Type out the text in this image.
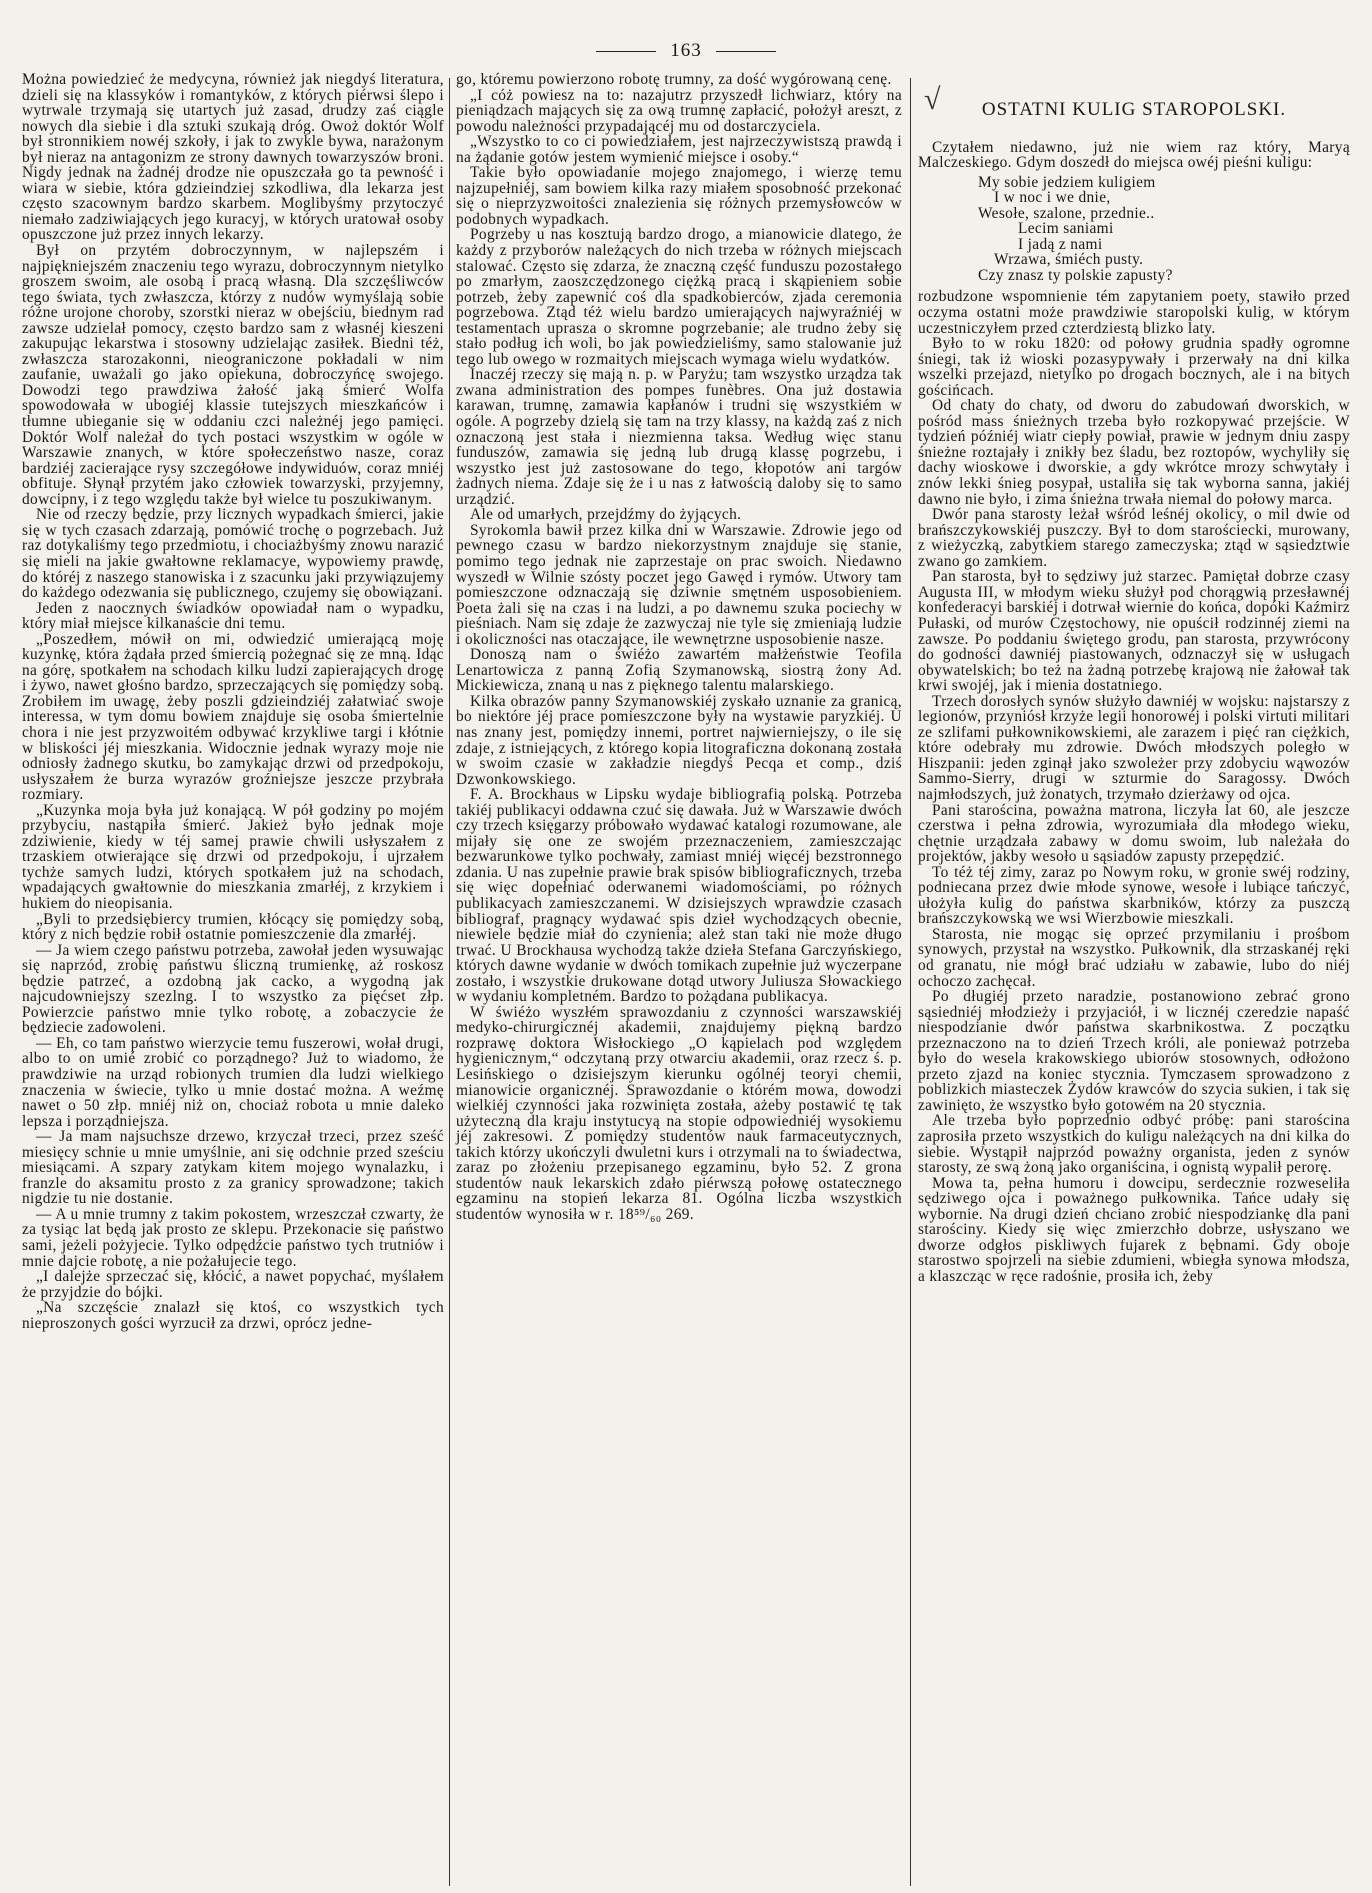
163

Można powiedzieć że medycyna, również jak niegdyś literatura, dzieli się na klassyków i romantyków, z których piérwsi ślepo i wytrwale trzymają się utartych już zasad, drudzy zaś ciągle nowych dla siebie i dla sztuki szukają dróg. Owoż doktór Wolf był stronnikiem nowéj szkoły, i jak to zwykle bywa, narażonym był nieraz na antagonizm ze strony dawnych towarzyszów broni. Nigdy jednak na żadnéj drodze nie opuszczała go ta pewność i wiara w siebie, która gdzieindziej szkodliwa, dla lekarza jest często szacownym bardzo skarbem. Moglibyśmy przytoczyć niemało zadziwiających jego kuracyj, w których uratował osoby opuszczone już przez innych lekarzy.

Był on przytém dobroczynnym, w najlepszém i najpiękniejszém znaczeniu tego wyrazu, dobroczynnym nietylko groszem swoim, ale osobą i pracą własną. Dla szczęśliwców tego świata, tych zwłaszcza, którzy z nudów wymyślają sobie różne urojone choroby, szorstki nieraz w obejściu, biednym rad zawsze udzielał pomocy, często bardzo sam z własnéj kieszeni zakupując lekarstwa i stosowny udzielając zasiłek. Biedni téż, zwłaszcza starozakonni, nieograniczone pokładali w nim zaufanie, uważali go jako opiekuna, dobroczyńcę swojego. Dowodzi tego prawdziwa żałość jaką śmierć Wolfa spowodowała w ubogiéj klassie tutejszych mieszkańców i tłumne ubieganie się w oddaniu czci należnéj jego pamięci. Doktór Wolf należał do tych postaci wszystkim w ogóle w Warszawie znanych, w które społeczeństwo nasze, coraz bardziéj zacierające rysy szczegółowe indywiduów, coraz mniéj obfituje. Słynął przytém jako człowiek towarzyski, przyjemny, dowcipny, i z tego względu także był wielce tu poszukiwanym.

Nie od rzeczy będzie, przy licznych wypadkach śmierci, jakie się w tych czasach zdarzają, pomówić trochę o pogrzebach. Już raz dotykaliśmy tego przedmiotu, i chociażbyśmy znowu narazić się mieli na jakie gwałtowne reklamacye, wypowiemy prawdę, do któréj z naszego stanowiska i z szacunku jaki przywiązujemy do każdego odezwania się publicznego, czujemy się obowiązani.

Jeden z naocznych świadków opowiadał nam o wypadku, który miał miejsce kilkanaście dni temu.

„Poszedłem, mówił on mi, odwiedzić umierającą moję kuzynkę, która żądała przed śmiercią pożegnać się ze mną. Idąc na górę, spotkałem na schodach kilku ludzi zapierających drogę i żywo, nawet głośno bardzo, sprzeczających się pomiędzy sobą. Zrobiłem im uwagę, żeby poszli gdzieindziéj załatwiać swoje interessa, w tym domu bowiem znajduje się osoba śmiertelnie chora i nie jest przyzwoitém odbywać krzykliwe targi i kłótnie w bliskości jéj mieszkania. Widocznie jednak wyrazy moje nie odniosły żadnego skutku, bo zamykając drzwi od przedpokoju, usłyszałem że burza wyrazów groźniejsze jeszcze przybrała rozmiary.

„Kuzynka moja była już konającą. W pół godziny po mojém przybyciu, nastąpiła śmierć. Jakież było jednak moje zdziwienie, kiedy w téj samej prawie chwili usłyszałem z trzaskiem otwierające się drzwi od przedpokoju, i ujrzałem tychże samych ludzi, których spotkałem już na schodach, wpadających gwałtownie do mieszkania zmarłéj, z krzykiem i hukiem do nieopisania.

„Byli to przedsiębiercy trumien, kłócący się pomiędzy sobą, który z nich będzie robił ostatnie pomieszczenie dla zmarłéj.

— Ja wiem czego państwu potrzeba, zawołał jeden wysuwając się naprzód, zrobię państwu śliczną trumienkę, aż roskosz będzie patrzeć, a ozdobną jak cacko, a wygodną jak najcudowniejszy szezlng. I to wszystko za pięćset złp. Powierzcie państwo mnie tylko robotę, a zobaczycie że będziecie zadowoleni.

— Eh, co tam państwo wierzycie temu fuszerowi, wołał drugi, albo to on umié zrobić co porządnego? Już to wiadomo, że prawdziwie na urząd robionych trumien dla ludzi wielkiego znaczenia w świecie, tylko u mnie dostać można. A weźmę nawet o 50 złp. mniéj niż on, chociaż robota u mnie daleko lepsza i porządniejsza.

— Ja mam najsuchsze drzewo, krzyczał trzeci, przez sześć miesięcy schnie u mnie umyślnie, ani się odchnie przed sześciu miesiącami. A szpary zatykam kitem mojego wynalazku, i franzle do aksamitu prosto z za granicy sprowadzone; takich nigdzie tu nie dostanie.

— A u mnie trumny z takim pokostem, wrzeszczał czwarty, że za tysiąc lat będą jak prosto ze sklepu. Przekonacie się państwo sami, jeżeli pożyjecie. Tylko odpędźcie państwo tych trutniów i mnie dajcie robotę, a nie pożałujecie tego.

„I dalejże sprzeczać się, kłócić, a nawet popychać, myślałem że przyjdzie do bójki.

„Na szczęście znalazł się ktoś, co wszystkich tych nieproszonych gości wyrzucił za drzwi, oprócz jedne-

go, któremu powierzono robotę trumny, za dość wygórowaną cenę.

„I cóż powiesz na to: nazajutrz przyszedł lichwiarz, który na pieniądzach mających się za ową trumnę zapłacić, położył areszt, z powodu należności przypadającéj mu od dostarczyciela.

„Wszystko to co ci powiedziałem, jest najrzeczywistszą prawdą i na żądanie gotów jestem wymienić miejsce i osoby.“

Takie było opowiadanie mojego znajomego, i wierzę temu najzupełniéj, sam bowiem kilka razy miałem sposobność przekonać się o nieprzyzwoitości znalezienia się różnych przemysłowców w podobnych wypadkach.

Pogrzeby u nas kosztują bardzo drogo, a mianowicie dlatego, że każdy z przyborów należących do nich trzeba w różnych miejscach stalować. Często się zdarza, że znaczną część funduszu pozostałego po zmarłym, zaoszczędzonego ciężką pracą i skąpieniem sobie potrzeb, żeby zapewnić coś dla spadkobierców, zjada ceremonia pogrzebowa. Ztąd téż wielu bardzo umierających najwyraźniéj w testamentach uprasza o skromne pogrzebanie; ale trudno żeby się stało podług ich woli, bo jak powiedzieliśmy, samo stalowanie już tego lub owego w rozmaitych miejscach wymaga wielu wydatków.

Inaczéj rzeczy się mają n. p. w Paryżu; tam wszystko urządza tak zwana administration des pompes funèbres. Ona już dostawia karawan, trumnę, zamawia kapłanów i trudni się wszystkiém w ogóle. A pogrzeby dzielą się tam na trzy klassy, na każdą zaś z nich oznaczoną jest stała i niezmienna taksa. Według więc stanu funduszów, zamawia się jedną lub drugą klassę pogrzebu, i wszystko jest już zastosowane do tego, kłopotów ani targów żadnych niema. Zdaje się że i u nas z łatwością daloby się to samo urządzić.

Ale od umarłych, przejdźmy do żyjących.

Syrokomla bawił przez kilka dni w Warszawie. Zdrowie jego od pewnego czasu w bardzo niekorzystnym znajduje się stanie, pomimo tego jednak nie zaprzestaje on prac swoich. Niedawno wyszedł w Wilnie szósty poczet jego Gawęd i rymów. Utwory tam pomieszczone odznaczają się dziwnie smętném usposobieniem. Poeta żali się na czas i na ludzi, a po dawnemu szuka pociechy w pieśniach. Nam się zdaje że zazwyczaj nie tyle się zmieniają ludzie i okoliczności nas otaczające, ile wewnętrzne usposobienie nasze.

Donoszą nam o świéżo zawartém małżeństwie Teofila Lenartowicza z panną Zofią Szymanowską, siostrą żony Ad. Mickiewicza, znaną u nas z pięknego talentu malarskiego.

Kilka obrazów panny Szymanowskiéj zyskało uznanie za granicą, bo niektóre jéj prace pomieszczone były na wystawie paryzkiéj. U nas znany jest, pomiędzy innemi, portret najwierniejszy, o ile się zdaje, z istniejących, z którego kopia litograficzna dokonaną została w swoim czasie w zakładzie niegdyś Pecqa et comp., dziś Dzwonkowskiego.

F. A. Brockhaus w Lipsku wydaje bibliografią polską. Potrzeba takiéj publikacyi oddawna czuć się dawała. Już w Warszawie dwóch czy trzech księgarzy próbowało wydawać katalogi rozumowane, ale mijały się one ze swojém przeznaczeniem, zamieszczając bezwarunkowe tylko pochwały, zamiast mniéj więcéj bezstronnego zdania. U nas zupełnie prawie brak spisów bibliograficznych, trzeba się więc dopełniać oderwanemi wiadomościami, po różnych publikacyach zamieszczanemi. W dzisiejszych wprawdzie czasach bibliograf, pragnący wydawać spis dzieł wychodzących obecnie, niewiele będzie miał do czynienia; ależ stan taki nie może długo trwać. U Brockhausa wychodzą także dzieła Stefana Garczyńskiego, których dawne wydanie w dwóch tomikach zupełnie już wyczerpane zostało, i wszystkie drukowane dotąd utwory Juliusza Słowackiego w wydaniu kompletném. Bardzo to pożądana publikacya.

W świéżo wyszłém sprawozdaniu z czynności warszawskiéj medyko-chirurgicznéj akademii, znajdujemy piękną bardzo rozprawę doktora Wisłockiego „O kąpielach pod względem hygienicznym,“ odczytaną przy otwarciu akademii, oraz rzecz ś. p. Lesińskiego o dzisiejszym kierunku ogólnéj teoryi chemii, mianowicie organicznéj. Sprawozdanie o którém mowa, dowodzi wielkiéj czynności jaka rozwinięta została, ażeby postawić tę tak użyteczną dla kraju instytucyą na stopie odpowiedniéj wysokiemu jéj zakresowi. Z pomiędzy studentów nauk farmaceutycznych, takich którzy ukończyli dwuletni kurs i otrzymali na to świadectwa, zaraz po złożeniu przepisanego egzaminu, było 52. Z grona studentów nauk lekarskich zdało piérwszą połowę ostatecznego egzaminu na stopień lekarza 81. Ogólna liczba wszystkich studentów wynosiła w r. 18⁵⁹/₆₀ 269.

√ OSTATNI KULIG STAROPOLSKI.

Czytałem niedawno, już nie wiem raz który, Maryą Malczeskiego. Gdym doszedł do miejsca owéj pieśni kuligu:

My sobie jedziem kuligiem
I w noc i we dnie,
Wesołe, szalone, przednie..
Lecim saniami
I jadą z nami
Wrzawa, śmiéch pusty.
Czy znasz ty polskie zapusty?

rozbudzone wspomnienie tém zapytaniem poety, stawiło przed oczyma ostatni może prawdziwie staropolski kulig, w którym uczestniczyłem przed czterdziestą blizko laty.

Było to w roku 1820: od połowy grudnia spadły ogromne śniegi, tak iż wioski pozasypywały i przerwały na dni kilka wszelki przejazd, nietylko po drogach bocznych, ale i na bitych gościńcach.

Od chaty do chaty, od dworu do zabudowań dworskich, w pośród mass śnieżnych trzeba było rozkopywać przejście. W tydzień późniéj wiatr ciepły powiał, prawie w jednym dniu zaspy śnieżne roztajały i znikły bez śladu, bez roztopów, wychyliły się dachy wioskowe i dworskie, a gdy wkrótce mrozy schwytały i znów lekki śnieg posypał, ustaliła się tak wyborna sanna, jakiéj dawno nie było, i zima śnieżna trwała niemal do połowy marca.

Dwór pana starosty leżał wśród leśnéj okolicy, o mil dwie od brańszczykowskiéj puszczy. Był to dom starościecki, murowany, z wieżyczką, zabytkiem starego zameczyska; ztąd w sąsiedztwie zwano go zamkiem.

Pan starosta, był to sędziwy już starzec. Pamiętał dobrze czasy Augusta III, w młodym wieku służył pod chorągwią przesławnéj konfederacyi barskiéj i dotrwał wiernie do końca, dopóki Kaźmirz Pułaski, od murów Częstochowy, nie opuścił rodzinnéj ziemi na zawsze. Po poddaniu świętego grodu, pan starosta, przywrócony do godności dawniéj piastowanych, odznaczył się w usługach obywatelskich; bo też na żadną potrzebę krajową nie żałował tak krwi swojéj, jak i mienia dostatniego.

Trzech dorosłych synów służyło dawniéj w wojsku: najstarszy z legionów, przyniósł krzyże legii honorowéj i polski virtuti militari ze szlifami pułkownikowskiemi, ale zarazem i pięć ran ciężkich, które odebrały mu zdrowie. Dwóch młodszych poległo w Hiszpanii: jeden zginął jako szwoleżer przy zdobyciu wąwozów Sammo-Sierry, drugi w szturmie do Saragossy. Dwóch najmłodszych, już żonatych, trzymało dzierżawy od ojca.

Pani starościna, poważna matrona, liczyła lat 60, ale jeszcze czerstwa i pełna zdrowia, wyrozumiała dla młodego wieku, chętnie urządzała zabawy w domu swoim, lub należała do projektów, jakby wesoło u sąsiadów zapusty przepędzić.

To téż téj zimy, zaraz po Nowym roku, w gronie swéj rodziny, podniecana przez dwie młode synowe, wesołe i lubiące tańczyć, ułożyła kulig do państwa skarbników, którzy za puszczą brańszczykowską we wsi Wierzbowie mieszkali.

Starosta, nie mogąc się oprzeć przymilaniu i prośbom synowych, przystał na wszystko. Pułkownik, dla strzaskanéj ręki od granatu, nie mógł brać udziału w zabawie, lubo do niéj ochoczo zachęcał.

Po długiéj przeto naradzie, postanowiono zebrać grono sąsiedniéj młodzieży i przyjaciół, i w licznéj czeredzie napaść niespodzianie dwór państwa skarbnikostwa. Z początku przeznaczono na to dzień Trzech króli, ale ponieważ potrzeba było do wesela krakowskiego ubiorów stosownych, odłożono przeto zjazd na koniec stycznia. Tymczasem sprowadzono z poblizkich miasteczek Żydów krawców do szycia sukien, i tak się zawinięto, że wszystko było gotowém na 20 stycznia.

Ale trzeba było poprzednio odbyć próbę: pani starościna zaprosiła przeto wszystkich do kuligu należących na dni kilka do siebie. Wystąpił najprzód poważny organista, jeden z synów starosty, ze swą żoną jako organiścina, i ognistą wypalił perorę.

Mowa ta, pełna humoru i dowcipu, serdecznie rozweseliła sędziwego ojca i poważnego pułkownika. Tańce udały się wybornie. Na drugi dzień chciano zrobić niespodziankę dla pani starościny. Kiedy się więc zmierzchło dobrze, usłyszano we dworze odgłos piskliwych fujarek z bębnami. Gdy oboje starostwo spojrzeli na siebie zdumieni, wbiegła synowa młodsza, a klaszcząc w ręce radośnie, prosiła ich, żeby
